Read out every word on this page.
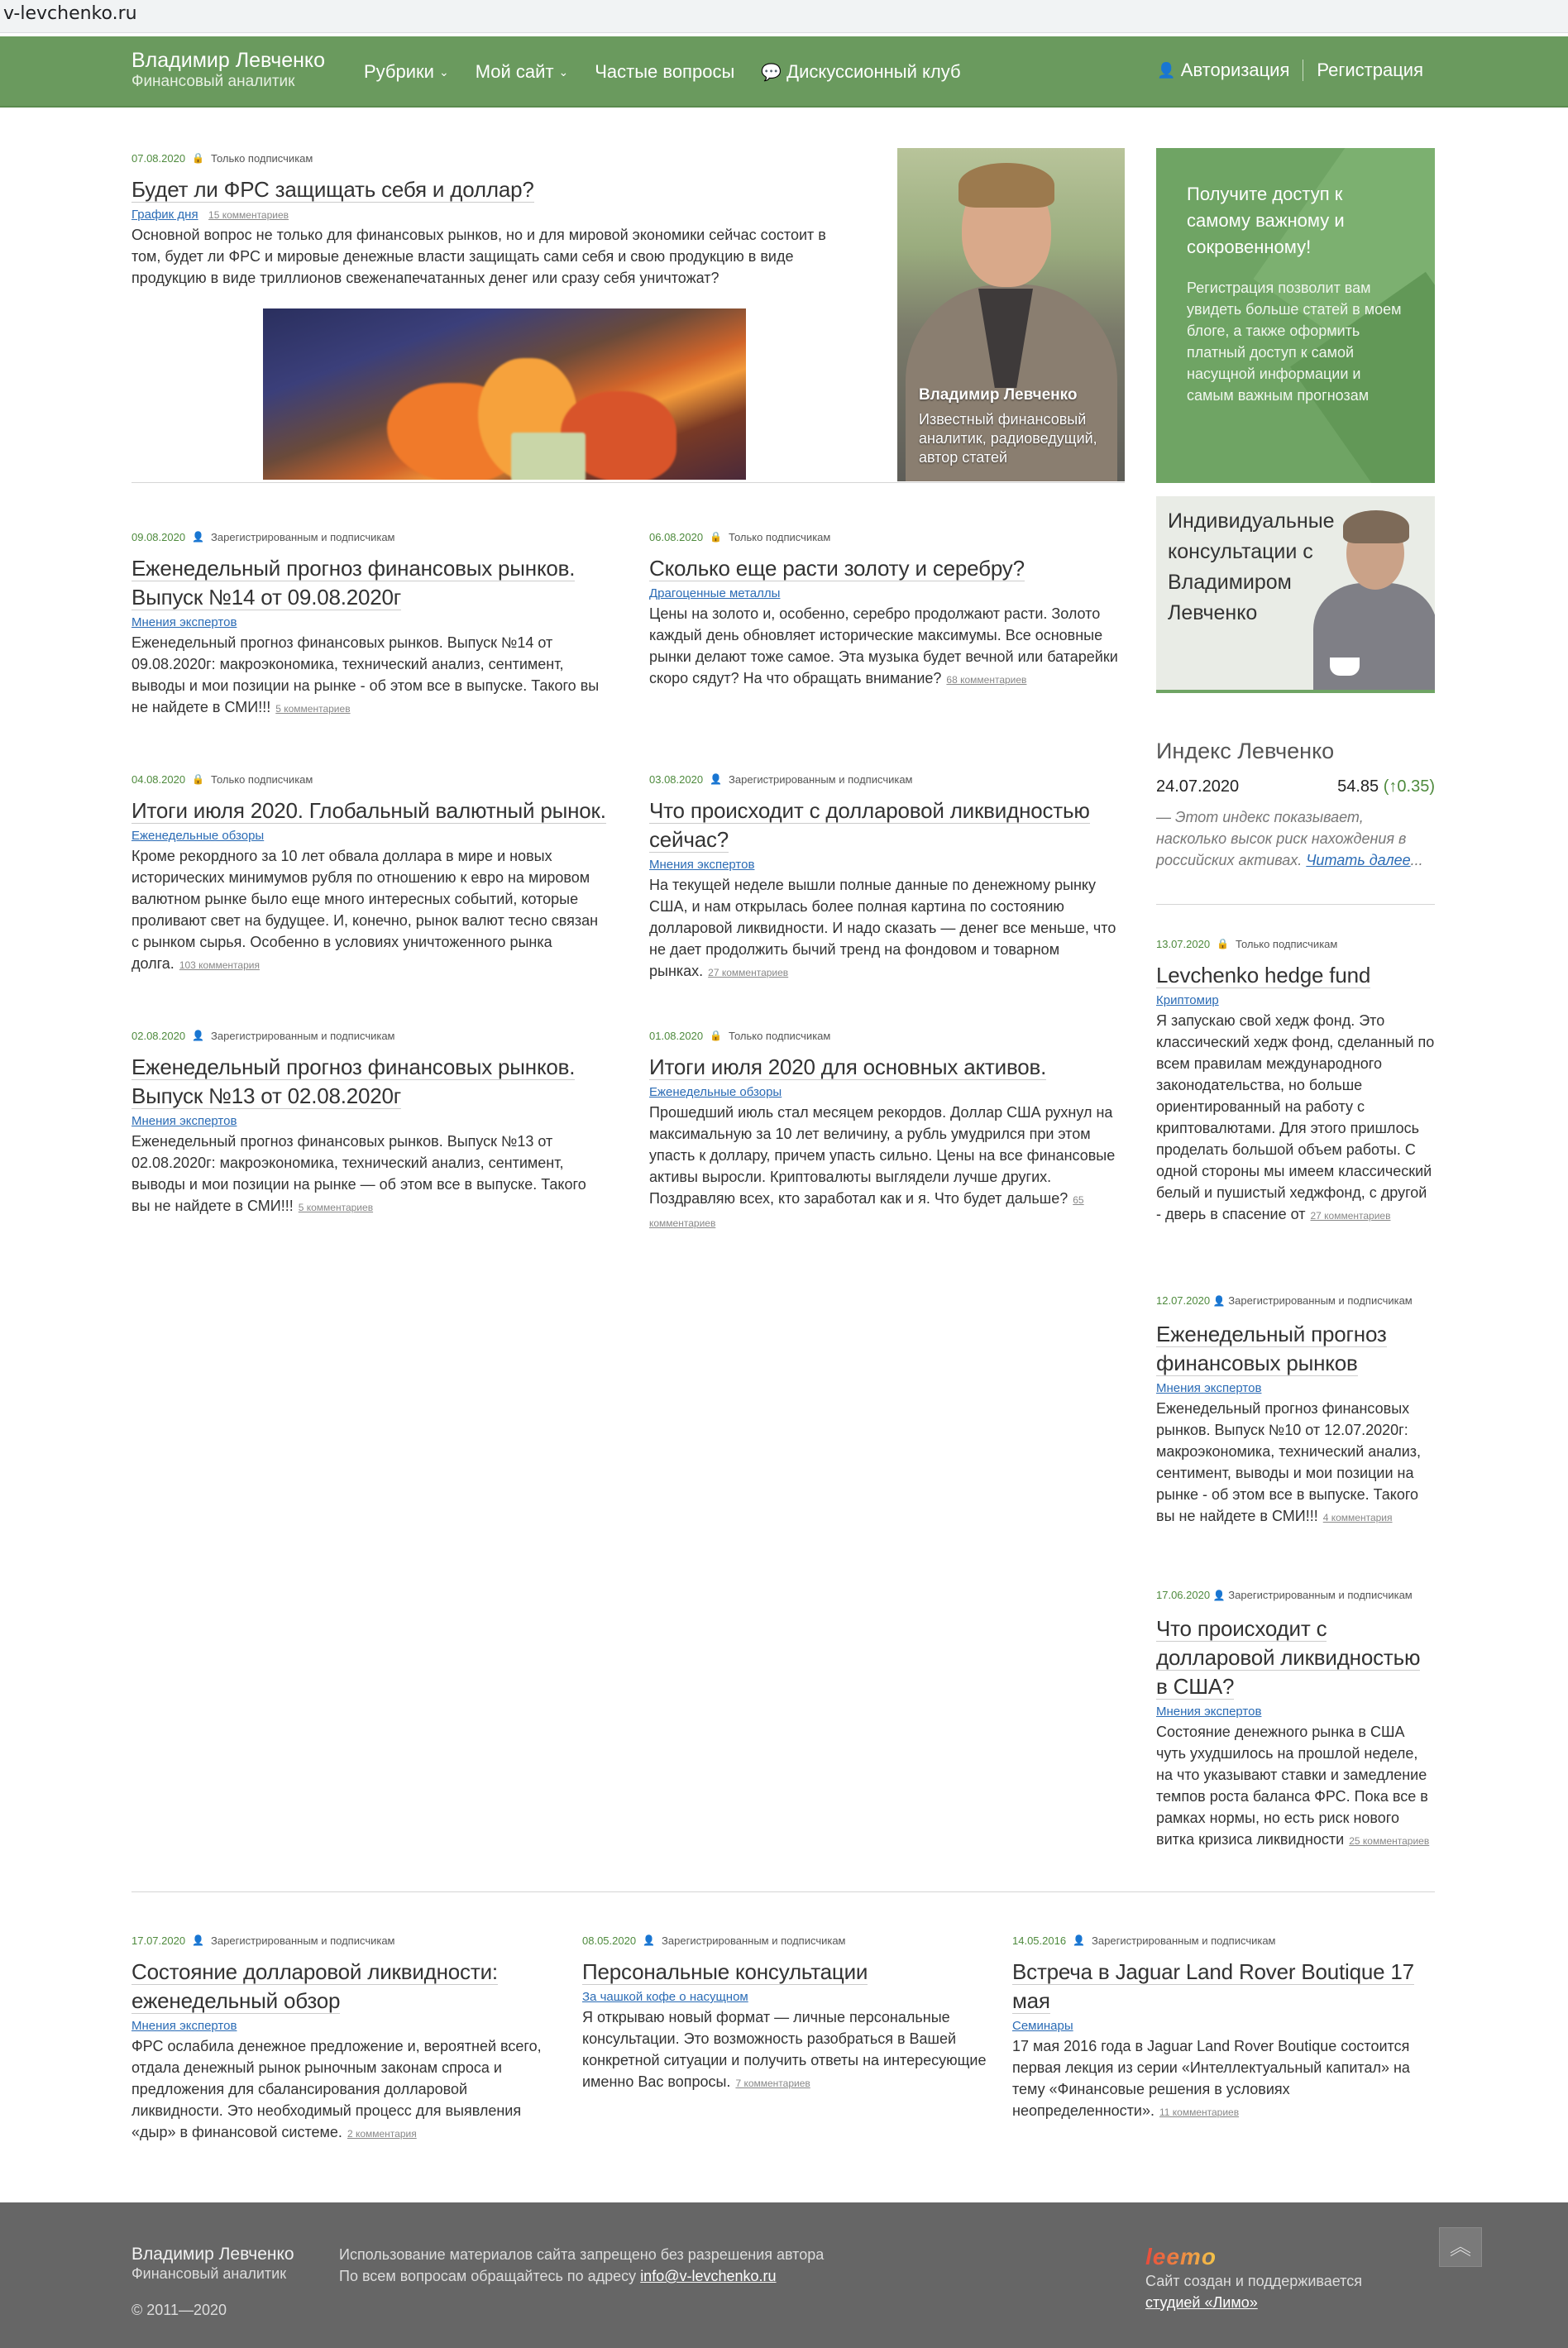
v-levchenko.ru
Владимир Левченко
Финансовый аналитик	Рубрики ⌄ Мой сайт ⌄ Частые вопросы 💬 Дискуссионный клуб	👤 Авторизация Регистрация
07.08.2020 🔒 Только подписчикам
Будет ли ФРС защищать себя и доллар?
График дня 15 комментариев
Основной вопрос не только для финансовых рынков, но и для мировой экономики сейчас состоит в том, будет ли ФРС и мировые денежные власти защищать сами себя и свою продукцию в виде продукцию в виде триллионов свеженапечатанных денег или сразу себя уничтожат?
Владимир Левченко
Известный финансовый аналитик, радиоведущий, автор статей
09.08.2020 👤 Зарегистрированным и подписчикам
Еженедельный прогноз финансовых рынков. Выпуск №14 от 09.08.2020г
Мнения экспертов
Еженедельный прогноз финансовых рынков. Выпуск №14 от 09.08.2020г: макроэкономика, технический анализ, сентимент, выводы и мои позиции на рынке - об этом все в выпуске. Такого вы не найдете в СМИ!!! 5 комментариев
06.08.2020 🔒 Только подписчикам
Сколько еще расти золоту и серебру?
Драгоценные металлы
Цены на золото и, особенно, серебро продолжают расти. Золото каждый день обновляет исторические максимумы. Все основные рынки делают тоже самое. Эта музыка будет вечной или батарейки скоро сядут? На что обращать внимание? 68 комментариев
04.08.2020 🔒 Только подписчикам
Итоги июля 2020. Глобальный валютный рынок.
Еженедельные обзоры
Кроме рекордного за 10 лет обвала доллара в мире и новых исторических минимумов рубля по отношению к евро на мировом валютном рынке было еще много интересных событий, которые проливают свет на будущее. И, конечно, рынок валют тесно связан с рынком сырья. Особенно в условиях уничтоженного рынка долга. 103 комментария
03.08.2020 👤 Зарегистрированным и подписчикам
Что происходит с долларовой ликвидностью сейчас?
Мнения экспертов
На текущей неделе вышли полные данные по денежному рынку США, и нам открылась более полная картина по состоянию долларовой ликвидности. И надо сказать — денег все меньше, что не дает продолжить бычий тренд на фондовом и товарном рынках. 27 комментариев
02.08.2020 👤 Зарегистрированным и подписчикам
Еженедельный прогноз финансовых рынков. Выпуск №13 от 02.08.2020г
Мнения экспертов
Еженедельный прогноз финансовых рынков. Выпуск №13 от 02.08.2020г: макроэкономика, технический анализ, сентимент, выводы и мои позиции на рынке — об этом все в выпуске. Такого вы не найдете в СМИ!!! 5 комментариев
01.08.2020 🔒 Только подписчикам
Итоги июля 2020 для основных активов.
Еженедельные обзоры
Прошедший июль стал месяцем рекордов. Доллар США рухнул на максимальную за 10 лет величину, а рубль умудрился при этом упасть к доллару, причем упасть сильно. Цены на все финансовые активы выросли. Криптовалюты выглядели лучше других. Поздравляю всех, кто заработал как и я. Что будет дальше? 65 комментариев
Получите доступ к самому важному и сокровенному!
Регистрация позволит вам увидеть больше статей в моем блоге, а также оформить платный доступ к самой насущной информации и самым важным прогнозам
Индивидуальные консультации с Владимиром Левченко
Индекс Левченко
24.07.2020	54.85 (↑0.35)
— Этот индекс показывает, насколько высок риск нахождения в российских активах. Читать далее...
13.07.2020 🔒 Только подписчикам
Levchenko hedge fund
Криптомир
Я запускаю свой хедж фонд. Это классический хедж фонд, сделанный по всем правилам международного законодательства, но больше ориентированный на работу с криптовалютами. Для этого пришлось проделать большой объем работы. С одной стороны мы имеем классический белый и пушистый хеджфонд, с другой - дверь в спасение от 27 комментариев
12.07.2020 👤 Зарегистрированным и подписчикам
Еженедельный прогноз финансовых рынков
Мнения экспертов
Еженедельный прогноз финансовых рынков. Выпуск №10 от 12.07.2020г: макроэкономика, технический анализ, сентимент, выводы и мои позиции на рынке - об этом все в выпуске. Такого вы не найдете в СМИ!!! 4 комментария
17.06.2020 👤 Зарегистрированным и подписчикам
Что происходит с долларовой ликвидностью в США?
Мнения экспертов
Состояние денежного рынка в США чуть ухудшилось на прошлой неделе, на что указывают ставки и замедление темпов роста баланса ФРС. Пока все в рамках нормы, но есть риск нового витка кризиса ликвидности 25 комментариев
17.07.2020 👤 Зарегистрированным и подписчикам
Состояние долларовой ликвидности: еженедельный обзор
Мнения экспертов
ФРС ослабила денежное предложение и, вероятней всего, отдала денежный рынок рыночным законам спроса и предложения для сбалансирования долларовой ликвидности. Это необходимый процесс для выявления «дыр» в финансовой системе. 2 комментария
08.05.2020 👤 Зарегистрированным и подписчикам
Персональные консультации
За чашкой кофе о насущном
Я открываю новый формат — личные персональные консультации. Это возможность разобраться в Вашей конкретной ситуации и получить ответы на интересующие именно Вас вопросы. 7 комментариев
14.05.2016 👤 Зарегистрированным и подписчикам
Встреча в Jaguar Land Rover Boutique 17 мая
Семинары
17 мая 2016 года в Jaguar Land Rover Boutique состоится первая лекция из серии «Интеллектуальный капитал» на тему «Финансовые решения в условиях неопределенности». 11 комментариев
Владимир Левченко
Финансовый аналитик
© 2011—2020
Использование материалов сайта запрещено без разрешения автора
По всем вопросам обращайтесь по адресу info@v-levchenko.ru
leemo
Сайт создан и поддерживается
студией «Лимо»
︽
